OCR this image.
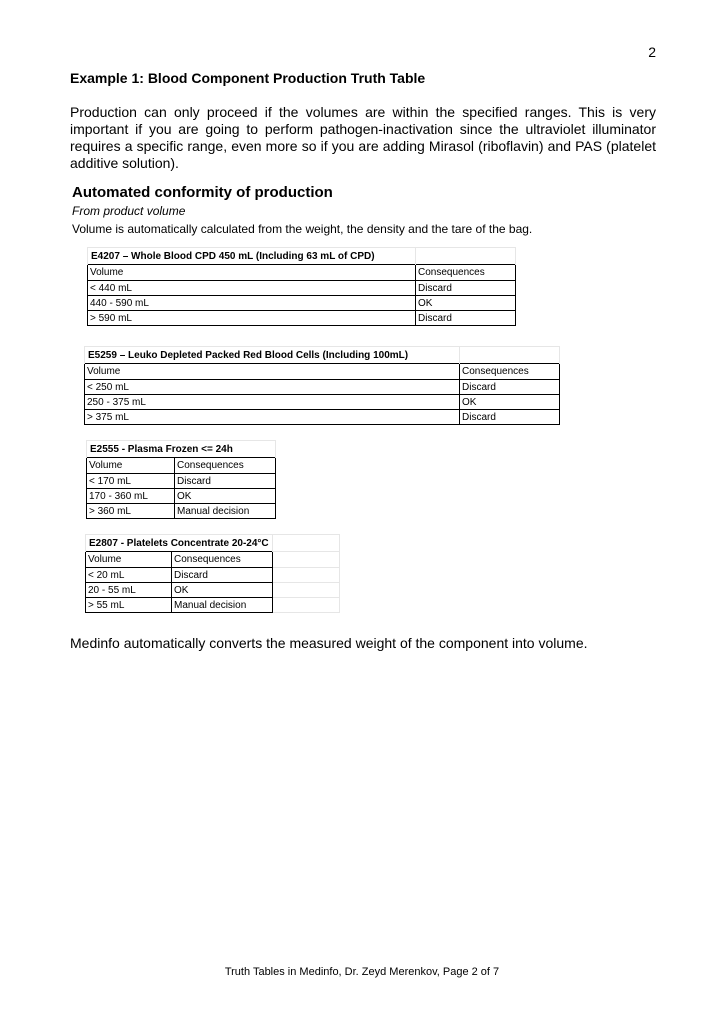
2
Example 1: Blood Component Production Truth Table
Production can only proceed if the volumes are within the specified ranges. This is very important if you are going to perform pathogen-inactivation since the ultraviolet illuminator requires a specific range, even more so if you are adding Mirasol (riboflavin) and PAS (platelet additive solution).
Automated conformity of production
From product volume
Volume is automatically calculated from the weight, the density and the tare of the bag.
E4207 – Whole Blood CPD 450 mL (Including 63 mL of CPD)	
Volume	Consequences
< 440 mL	Discard
440 - 590 mL	OK
> 590 mL	Discard
E5259 – Leuko Depleted Packed Red Blood Cells (Including 100mL)	
Volume	Consequences
< 250 mL	Discard
250 - 375 mL	OK
> 375 mL	Discard
E2555 - Plasma Frozen <= 24h	
Volume	Consequences
< 170 mL	Discard
170 - 360 mL	OK
> 360 mL	Manual decision
E2807 - Platelets Concentrate 20-24°C		
Volume	Consequences	
< 20 mL	Discard	
20 - 55 mL	OK	
> 55 mL	Manual decision	
Medinfo automatically converts the measured weight of the component into volume.
Truth Tables in Medinfo, Dr. Zeyd Merenkov, Page 2 of 7
